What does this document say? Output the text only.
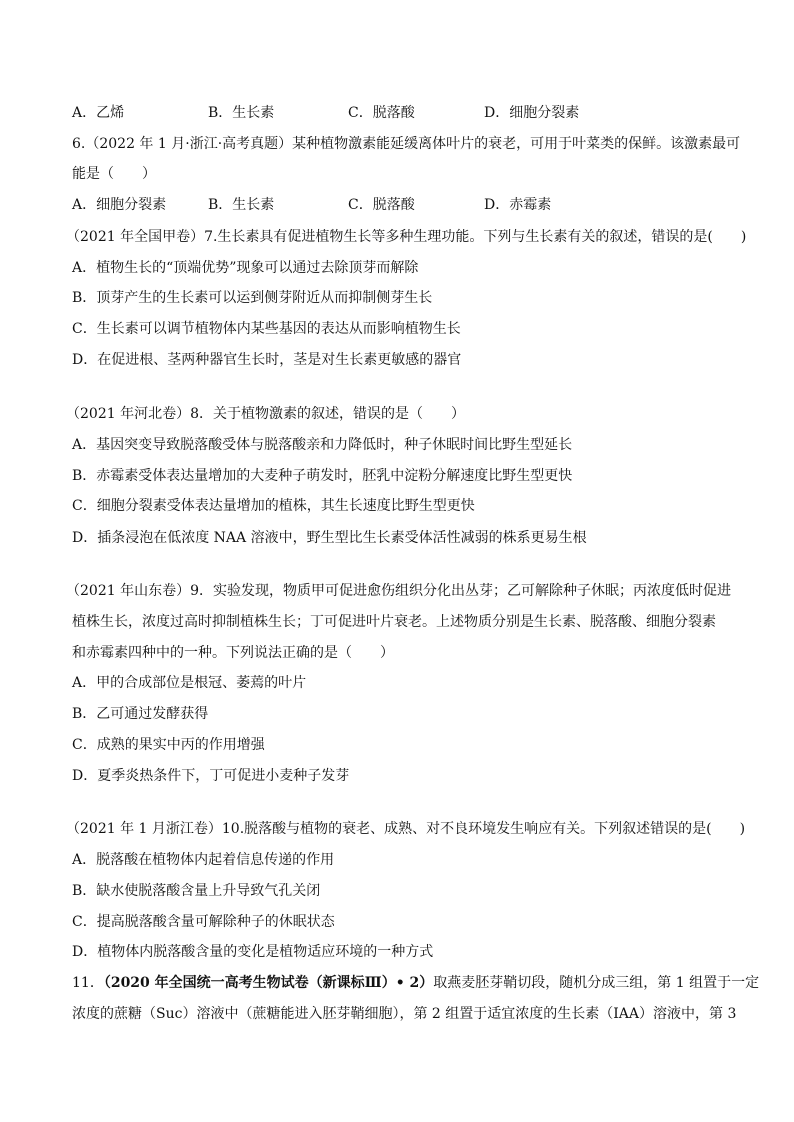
A．乙烯	B．生长素	C．脱落酸	D．细胞分裂素
6.（2022 年 1 月·浙江·高考真题）某种植物激素能延缓离体叶片的衰老，可用于叶菜类的保鲜。该激素最可
能是（　　）
A．细胞分裂素	B．生长素	C．脱落酸	D．赤霉素
（2021 年全国甲卷）7.生长素具有促进植物生长等多种生理功能。下列与生长素有关的叙述，错误的是(　　)
A．植物生长的“顶端优势”现象可以通过去除顶芽而解除
B．顶芽产生的生长素可以运到侧芽附近从而抑制侧芽生长
C．生长素可以调节植物体内某些基因的表达从而影响植物生长
D．在促进根、茎两种器官生长时，茎是对生长素更敏感的器官
（2021 年河北卷）8．关于植物激素的叙述，错误的是（　　）
A．基因突变导致脱落酸受体与脱落酸亲和力降低时，种子休眠时间比野生型延长
B．赤霉素受体表达量增加的大麦种子萌发时，胚乳中淀粉分解速度比野生型更快
C．细胞分裂素受体表达量增加的植株，其生长速度比野生型更快
D．插条浸泡在低浓度 NAA 溶液中，野生型比生长素受体活性减弱的株系更易生根
（2021 年山东卷）9．实验发现，物质甲可促进愈伤组织分化出丛芽；乙可解除种子休眠；丙浓度低时促进
植株生长，浓度过高时抑制植株生长；丁可促进叶片衰老。上述物质分别是生长素、脱落酸、细胞分裂素
和赤霉素四种中的一种。下列说法正确的是（　　）
A．甲的合成部位是根冠、萎蔫的叶片
B．乙可通过发酵获得
C．成熟的果实中丙的作用增强
D．夏季炎热条件下，丁可促进小麦种子发芽
（2021 年 1 月浙江卷）10.脱落酸与植物的衰老、成熟、对不良环境发生响应有关。下列叙述错误的是(　　)
A．脱落酸在植物体内起着信息传递的作用
B．缺水使脱落酸含量上升导致气孔关闭
C．提高脱落酸含量可解除种子的休眠状态
D．植物体内脱落酸含量的变化是植物适应环境的一种方式
11．（2020 年全国统一高考生物试卷（新课标Ⅲ）• 2）取燕麦胚芽鞘切段，随机分成三组，第 1 组置于一定
浓度的蔗糖（Suc）溶液中（蔗糖能进入胚芽鞘细胞），第 2 组置于适宜浓度的生长素（IAA）溶液中，第 3
